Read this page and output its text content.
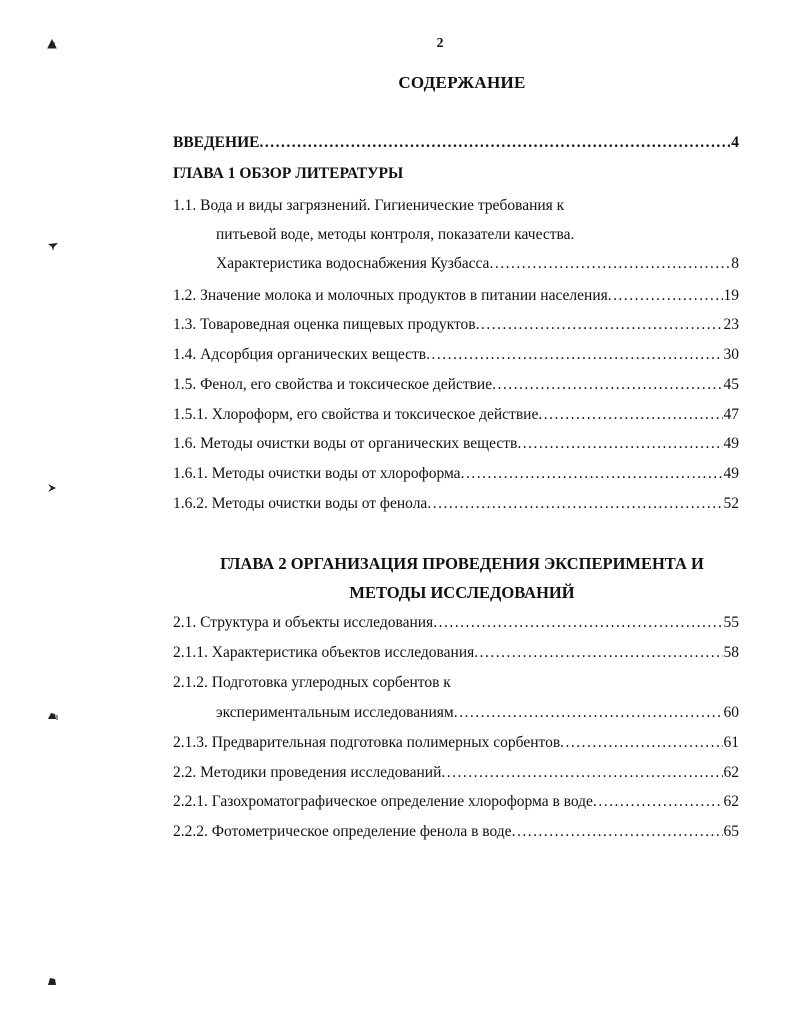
2
СОДЕРЖАНИЕ
ВВЕДЕНИЕ .....	4
ГЛАВА 1 ОБЗОР ЛИТЕРАТУРЫ
1.1. Вода и виды загрязнений. Гигиенические требования к
питьевой воде, методы контроля, показатели качества.
Характеристика водоснабжения Кузбасса .....	8
1.2. Значение молока и молочных продуктов в питании населения .....	19
1.3. Товароведная оценка пищевых продуктов .....	23
1.4. Адсорбция органических веществ .....	30
1.5. Фенол, его свойства и токсическое действие .....	45
1.5.1. Хлороформ, его свойства и токсическое действие .....	47
1.6. Методы очистки воды от органических веществ .....	49
1.6.1. Методы очистки воды от хлороформа .....	49
1.6.2. Методы очистки воды от фенола .....	52
ГЛАВА 2 ОРГАНИЗАЦИЯ ПРОВЕДЕНИЯ ЭКСПЕРИМЕНТА И
МЕТОДЫ ИССЛЕДОВАНИЙ
2.1. Структура и объекты исследования .....	55
2.1.1. Характеристика объектов исследования .....	58
2.1.2. Подготовка углеродных сорбентов к
экспериментальным исследованиям .....	60
2.1.3. Предварительная подготовка полимерных сорбентов .....	61
2.2. Методики проведения исследований .....	62
2.2.1. Газохроматографическое определение хлороформа в воде .....	62
2.2.2. Фотометрическое определение фенола в воде .....	65
